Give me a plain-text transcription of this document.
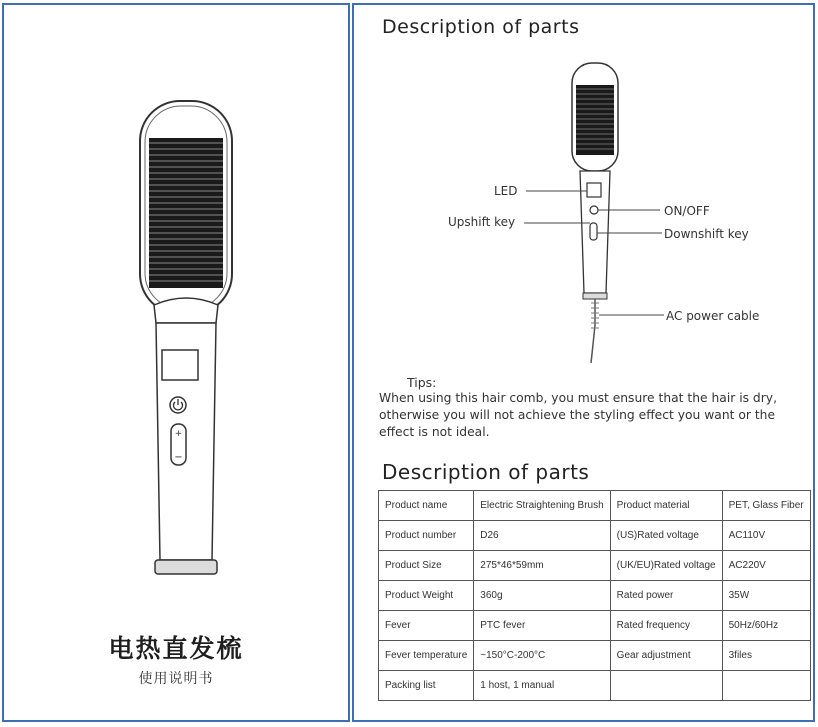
+
−
电热直发梳
使用说明书
Description of parts
LED
Upshift key
ON/OFF
Downshift key
AC power cable
Tips:
When using this hair comb, you must ensure that the hair is dry, otherwise you will not achieve the styling effect you want or the effect is not ideal.
Description of parts
Product name	Electric Straightening Brush	Product material	PET, Glass Fiber
Product number	D26	(US)Rated voltage	AC110V
Product Size	275*46*59mm	(UK/EU)Rated voltage	AC220V
Product Weight	360g	Rated power	35W
Fever	PTC fever	Rated frequency	50Hz/60Hz
Fever temperature	~150°C-200°C	Gear adjustment	3files
Packing list	1 host, 1 manual		
